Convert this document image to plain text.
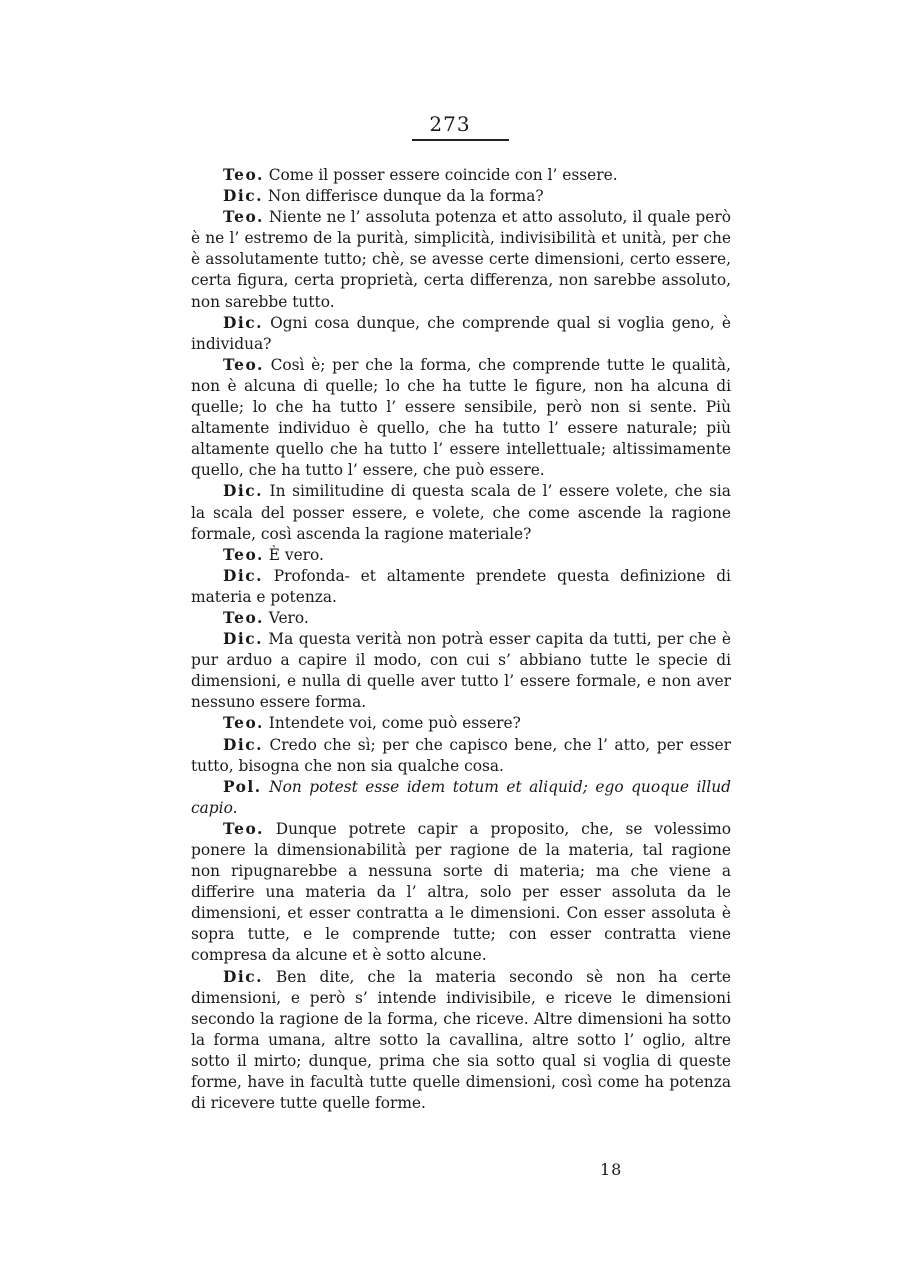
273

Teo. Come il posser essere coincide con l’ essere.

Dic. Non differisce dunque da la forma?

Teo. Niente ne l’ assoluta potenza et atto assoluto, il quale però è ne l’ estremo de la purità, simplicità, indivisibilità et unità, per che è assolutamente tutto; chè, se avesse certe dimensioni, certo essere, certa figura, certa proprietà, certa differenza, non sarebbe assoluto, non sarebbe tutto.

Dic. Ogni cosa dunque, che comprende qual si voglia geno, è individua?

Teo. Così è; per che la forma, che comprende tutte le qualità, non è alcuna di quelle; lo che ha tutte le figure, non ha alcuna di quelle; lo che ha tutto l’ essere sensibile, però non si sente. Più altamente individuo è quello, che ha tutto l’ essere naturale; più altamente quello che ha tutto l’ essere intellettuale; altissimamente quello, che ha tutto l’ essere, che può essere.

Dic. In similitudine di questa scala de l’ essere volete, che sia la scala del posser essere, e volete, che come ascende la ragione formale, così ascenda la ragione materiale?

Teo. È vero.

Dic. Profonda- et altamente prendete questa definizione di materia e potenza.

Teo. Vero.

Dic. Ma questa verità non potrà esser capita da tutti, per che è pur arduo a capire il modo, con cui s’ abbiano tutte le specie di dimensioni, e nulla di quelle aver tutto l’ essere formale, e non aver nessuno essere forma.

Teo. Intendete voi, come può essere?

Dic. Credo che sì; per che capisco bene, che l’ atto, per esser tutto, bisogna che non sia qualche cosa.

Pol. Non potest esse idem totum et aliquid; ego quoque illud capio.

Teo. Dunque potrete capir a proposito, che, se volessimo ponere la dimensionabilità per ragione de la materia, tal ragione non ripugnarebbe a nessuna sorte di materia; ma che viene a differire una materia da l’ altra, solo per esser assoluta da le dimensioni, et esser contratta a le dimensioni. Con esser assoluta è sopra tutte, e le comprende tutte; con esser contratta viene compresa da alcune et è sotto alcune.

Dic. Ben dite, che la materia secondo sè non ha certe dimensioni, e però s’ intende indivisibile, e riceve le dimensioni secondo la ragione de la forma, che riceve. Altre dimensioni ha sotto la forma umana, altre sotto la cavallina, altre sotto l’ oglio, altre sotto il mirto; dunque, prima che sia sotto qual si voglia di queste forme, have in facultà tutte quelle dimensioni, così come ha potenza di ricevere tutte quelle forme.

18
